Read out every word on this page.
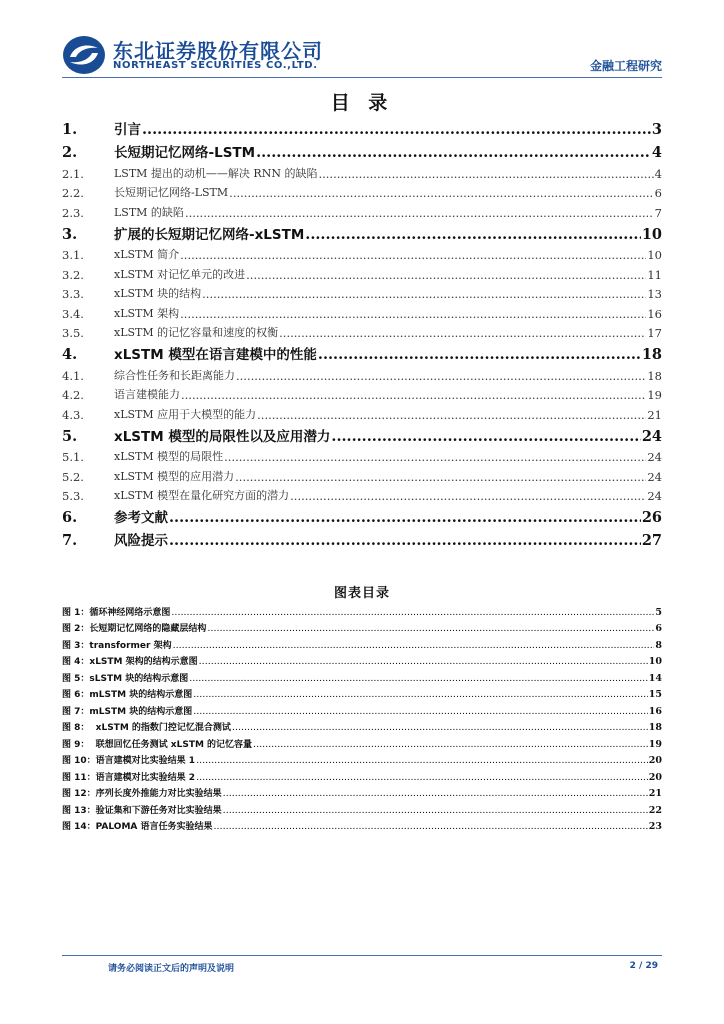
东北证券股份有限公司
NORTHEAST SECURITIES CO.,LTD.	金融工程研究
目 录
1.	引言 .....	3
2.	长短期记忆网络-LSTM .....	4
2.1.	LSTM 提出的动机——解决 RNN 的缺陷 .....	4
2.2.	长短期记忆网络-LSTM .....	6
2.3.	LSTM 的缺陷 .....	7
3.	扩展的长短期记忆网络-xLSTM .....	10
3.1.	xLSTM 简介 .....	10
3.2.	xLSTM 对记忆单元的改进 .....	11
3.3.	xLSTM 块的结构 .....	13
3.4.	xLSTM 架构 .....	16
3.5.	xLSTM 的记忆容量和速度的权衡 .....	17
4.	xLSTM 模型在语言建模中的性能 .....	18
4.1.	综合性任务和长距离能力 .....	18
4.2.	语言建模能力 .....	19
4.3.	xLSTM 应用于大模型的能力 .....	21
5.	xLSTM 模型的局限性以及应用潜力 .....	24
5.1.	xLSTM 模型的局限性 .....	24
5.2.	xLSTM 模型的应用潜力 .....	24
5.3.	xLSTM 模型在量化研究方面的潜力 .....	24
6.	参考文献 .....	26
7.	风险提示 .....	27
图表目录
图 1：循环神经网络示意图 .....	5
图 2：长短期记忆网络的隐藏层结构 .....	6
图 3：transformer 架构 .....	8
图 4：xLSTM 架构的结构示意图 .....	10
图 5：sLSTM 块的结构示意图 .....	14
图 6：mLSTM 块的结构示意图 .....	15
图 7：mLSTM 块的结构示意图 .....	16
图 8：  xLSTM 的指数门控记忆混合测试 .....	18
图 9：  联想回忆任务测试 xLSTM 的记忆容量 .....	19
图 10：语言建模对比实验结果 1 .....	20
图 11：语言建模对比实验结果 2 .....	20
图 12：序列长度外推能力对比实验结果 .....	21
图 13：验证集和下游任务对比实验结果 .....	22
图 14：PALOMA 语言任务实验结果 .....	23
请务必阅读正文后的声明及说明	2 / 29
